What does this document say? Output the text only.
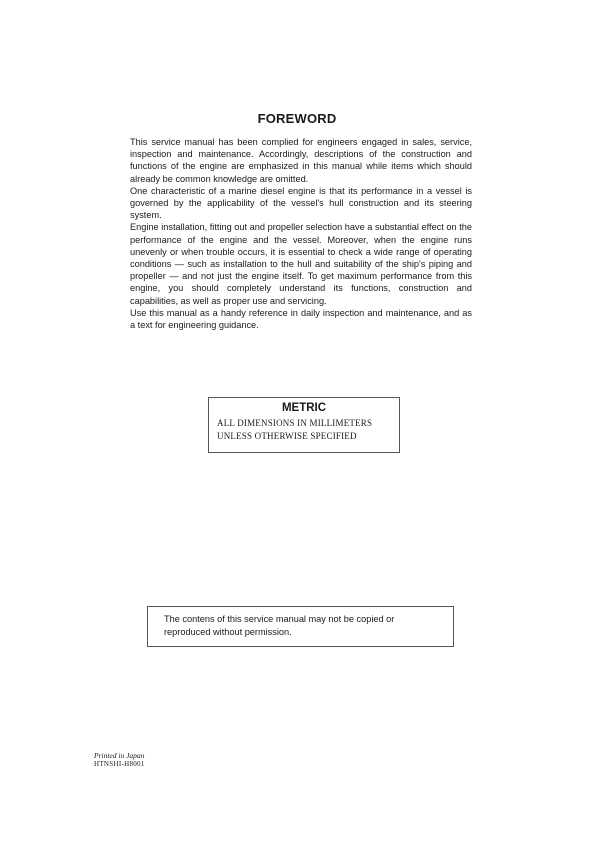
FOREWORD

This service manual has been complied for engineers engaged in sales, service, inspection and maintenance. Accordingly, descriptions of the construction and functions of the engine are emphasized in this manual while items which should already be common knowledge are omitted.

One characteristic of a marine diesel engine is that its performance in a vessel is governed by the applicability of the vessel's hull construction and its steering system.

Engine installation, fitting out and propeller selection have a substantial effect on the performance of the engine and the vessel. Moreover, when the engine runs unevenly or when trouble occurs, it is essential to check a wide range of operating conditions — such as installation to the hull and suitability of the ship's piping and propeller — and not just the engine itself. To get maximum performance from this engine, you should completely understand its functions, construction and capabilities, as well as proper use and servicing.

Use this manual as a handy reference in daily inspection and maintenance, and as a text for engineering guidance.

METRIC
ALL DIMENSIONS IN MILLIMETERS
UNLESS OTHERWISE SPECIFIED
The contens of this service manual may not be copied or
reproduced without permission.
Printed in Japan
HTNSHI-H8001
